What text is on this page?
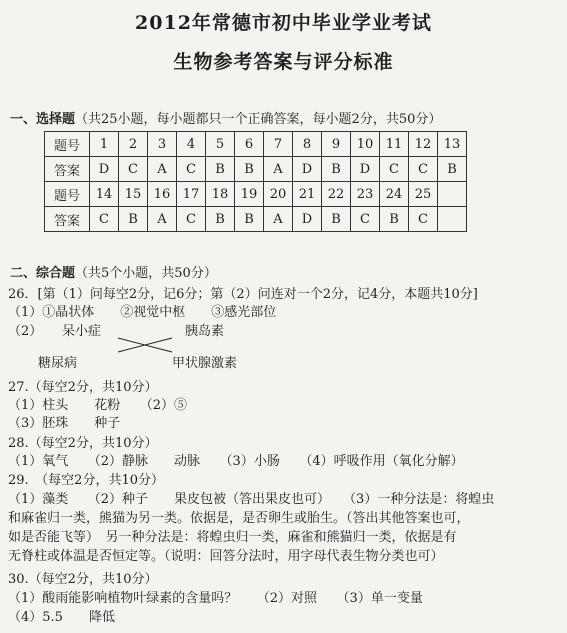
2012年常德市初中毕业学业考试
生物参考答案与评分标准
一、选择题（共25小题，每小题都只一个正确答案，每小题2分，共50分）
题号	1	2	3	4	5	6	7	8	9	10	11	12	13
答案	D	C	A	C	B	B	A	D	B	D	C	C	B
题号	14	15	16	17	18	19	20	21	22	23	24	25	
答案	C	B	A	C	B	B	A	D	B	C	B	C	
二、综合题（共5个小题，共50分）
26．[第（1）问每空2分，记6分；第（2）问连对一个2分，记4分，本题共10分]
（1）①晶状体　　②视觉中枢　　③感光部位
（2） 呆小症	胰岛素
糖尿病	甲状腺激素
27.（每空2分，共10分）
（1）柱头　　花粉　　（2）⑤
（3）胚珠　　种子
28.（每空2分，共10分）
（1）氧气　　（2）静脉　　动脉　　（3）小肠　　（4）呼吸作用（氧化分解）
29.　（每空2分，共10分）
（1）藻类　　（2）种子　　果皮包被（答出果皮也可）　　（3）一种分法是：将蝗虫
和麻雀归一类，熊猫为另一类。依据是，是否卵生或胎生。（答出其他答案也可，
如是否能飞等）　另一种分法是：将蝗虫归一类，麻雀和熊猫归一类，依据是有
无脊柱或体温是否恒定等。（说明：回答分法时，用字母代表生物分类也可）
30.（每空2分，共10分）
（1）酸雨能影响植物叶绿素的含量吗？　　（2）对照　　（3）单一变量
（4）5.5　　降低
